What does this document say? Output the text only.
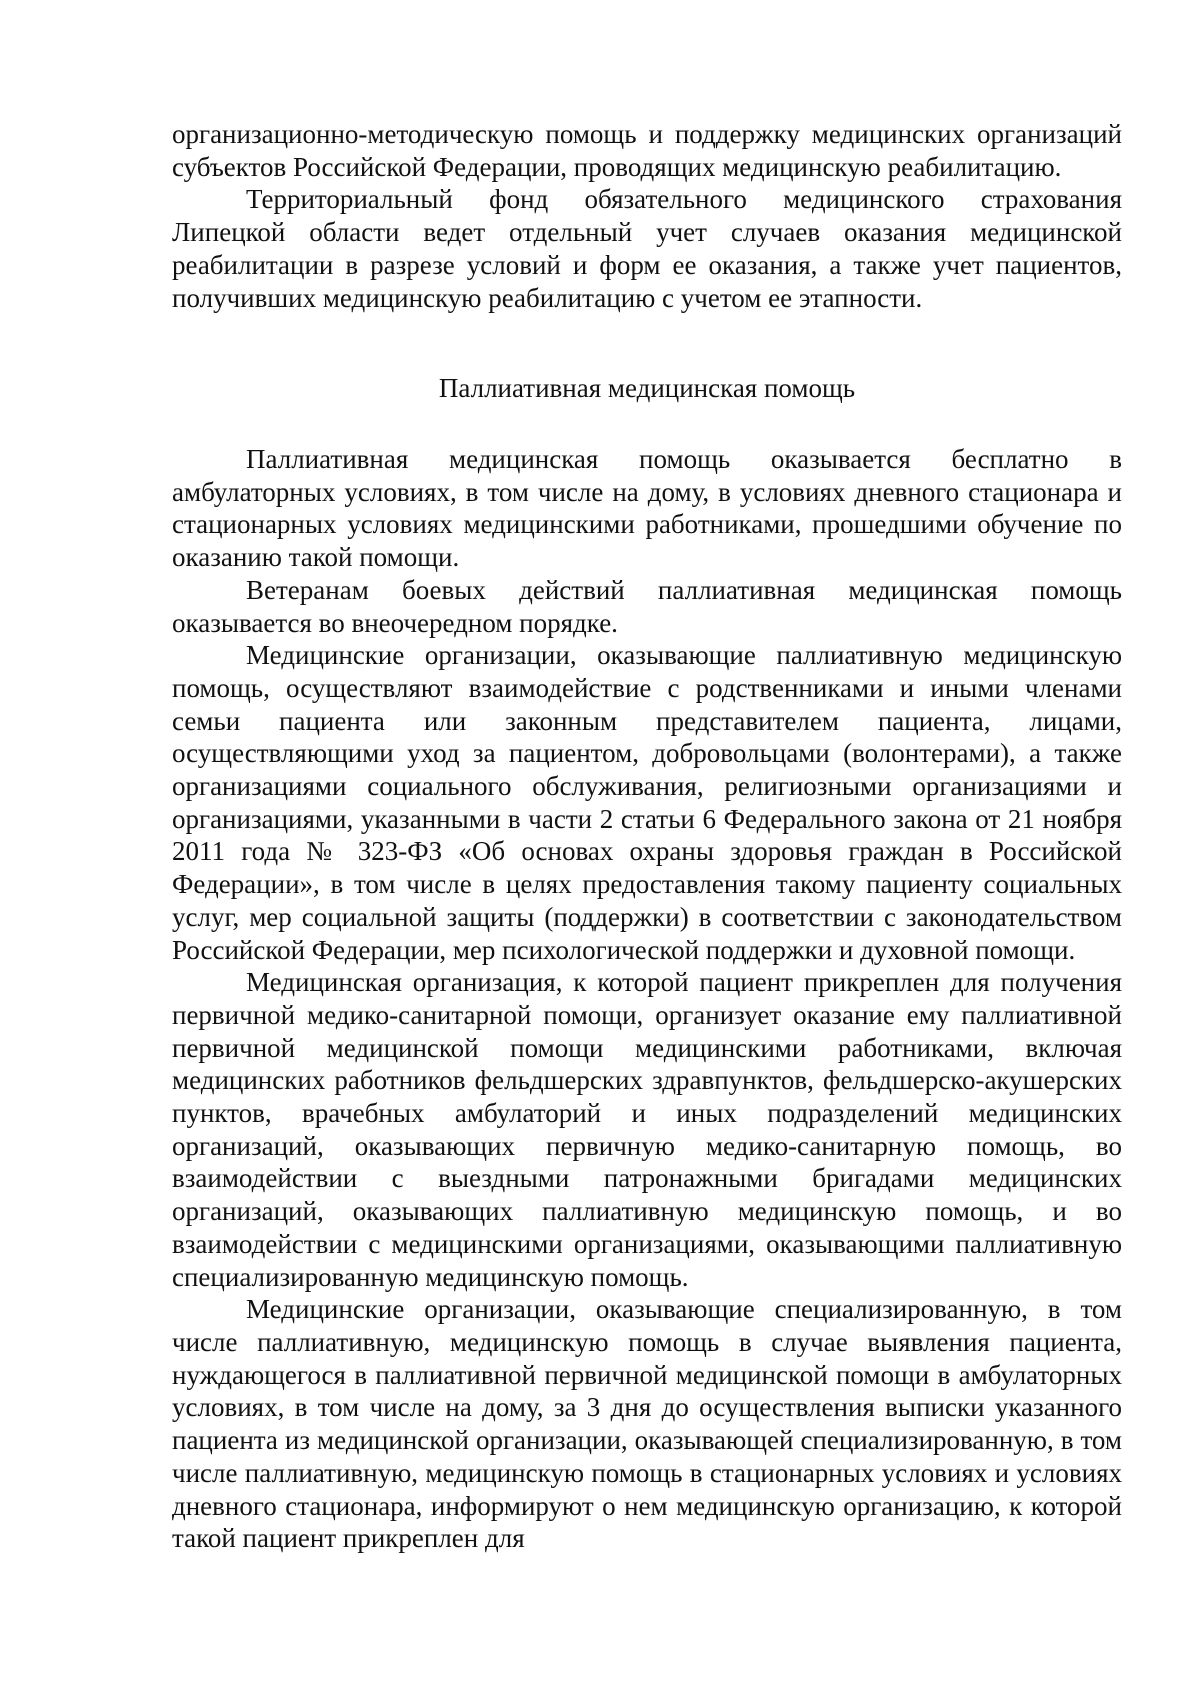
организационно-методическую помощь и поддержку медицинских организаций субъектов Российской Федерации, проводящих медицинскую реабилитацию.

Территориальный фонд обязательного медицинского страхования Липецкой области ведет отдельный учет случаев оказания медицинской реабилитации в разрезе условий и форм ее оказания, а также учет пациентов, получивших медицинскую реабилитацию с учетом ее этапности.

Паллиативная медицинская помощь

Паллиативная медицинская помощь оказывается бесплатно в амбулаторных условиях, в том числе на дому, в условиях дневного стационара и стационарных условиях медицинскими работниками, прошедшими обучение по оказанию такой помощи.

Ветеранам боевых действий паллиативная медицинская помощь оказывается во внеочередном порядке.

Медицинские организации, оказывающие паллиативную медицинскую помощь, осуществляют взаимодействие с родственниками и иными членами семьи пациента или законным представителем пациента, лицами, осуществляющими уход за пациентом, добровольцами (волонтерами), а также организациями социального обслуживания, религиозными организациями и организациями, указанными в части 2 статьи 6 Федерального закона от 21 ноября 2011 года № 323-ФЗ «Об основах охраны здоровья граждан в Российской Федерации», в том числе в целях предоставления такому пациенту социальных услуг, мер социальной защиты (поддержки) в соответствии с законодательством Российской Федерации, мер психологической поддержки и духовной помощи.

Медицинская организация, к которой пациент прикреплен для получения первичной медико-санитарной помощи, организует оказание ему паллиативной первичной медицинской помощи медицинскими работниками, включая медицинских работников фельдшерских здравпунктов, фельдшерско-акушерских пунктов, врачебных амбулаторий и иных подразделений медицинских организаций, оказывающих первичную медико-санитарную помощь, во взаимодействии с выездными патронажными бригадами медицинских организаций, оказывающих паллиативную медицинскую помощь, и во взаимодействии с медицинскими организациями, оказывающими паллиативную специализированную медицинскую помощь.

Медицинские организации, оказывающие специализированную, в том числе паллиативную, медицинскую помощь в случае выявления пациента, нуждающегося в паллиативной первичной медицинской помощи в амбулаторных условиях, в том числе на дому, за 3 дня до осуществления выписки указанного пациента из медицинской организации, оказывающей специализированную, в том числе паллиативную, медицинскую помощь в стационарных условиях и условиях дневного стационара, информируют о нем медицинскую организацию, к которой такой пациент прикреплен для
